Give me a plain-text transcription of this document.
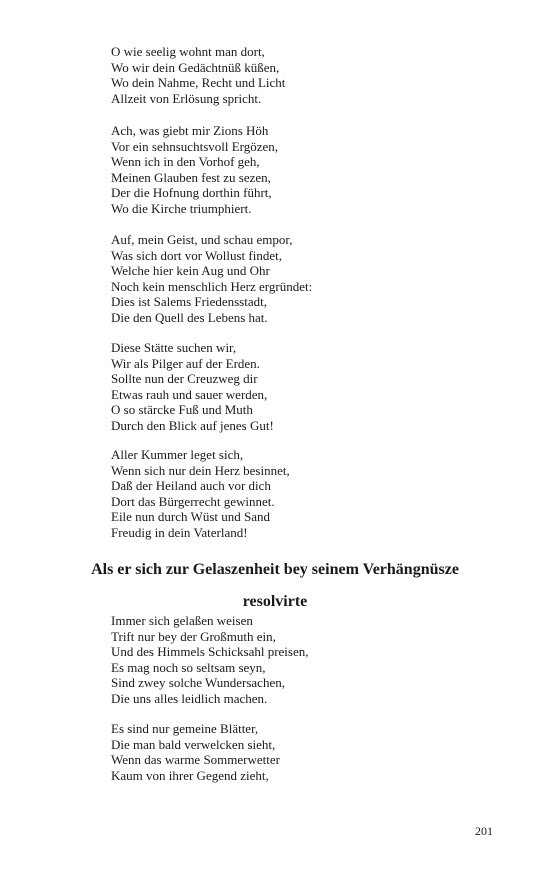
O wie seelig wohnt man dort,
Wo wir dein Gedächtnüß küßen,
Wo dein Nahme, Recht und Licht
Allzeit von Erlösung spricht.
Ach, was giebt mir Zions Höh
Vor ein sehnsuchtsvoll Ergözen,
Wenn ich in den Vorhof geh,
Meinen Glauben fest zu sezen,
Der die Hofnung dorthin führt,
Wo die Kirche triumphiert.
Auf, mein Geist, und schau empor,
Was sich dort vor Wollust findet,
Welche hier kein Aug und Ohr
Noch kein menschlich Herz ergründet:
Dies ist Salems Friedensstadt,
Die den Quell des Lebens hat.
Diese Stätte suchen wir,
Wir als Pilger auf der Erden.
Sollte nun der Creuzweg dir
Etwas rauh und sauer werden,
O so stärcke Fuß und Muth
Durch den Blick auf jenes Gut!
Aller Kummer leget sich,
Wenn sich nur dein Herz besinnet,
Daß der Heiland auch vor dich
Dort das Bürgerrecht gewinnet.
Eile nun durch Wüst und Sand
Freudig in dein Vaterland!
Als er sich zur Gelaszenheit bey seinem Verhängnüsze
resolvirte
Immer sich gelaßen weisen
Trift nur bey der Großmuth ein,
Und des Himmels Schicksahl preisen,
Es mag noch so seltsam seyn,
Sind zwey solche Wundersachen,
Die uns alles leidlich machen.
Es sind nur gemeine Blätter,
Die man bald verwelcken sieht,
Wenn das warme Sommerwetter
Kaum von ihrer Gegend zieht,
201
